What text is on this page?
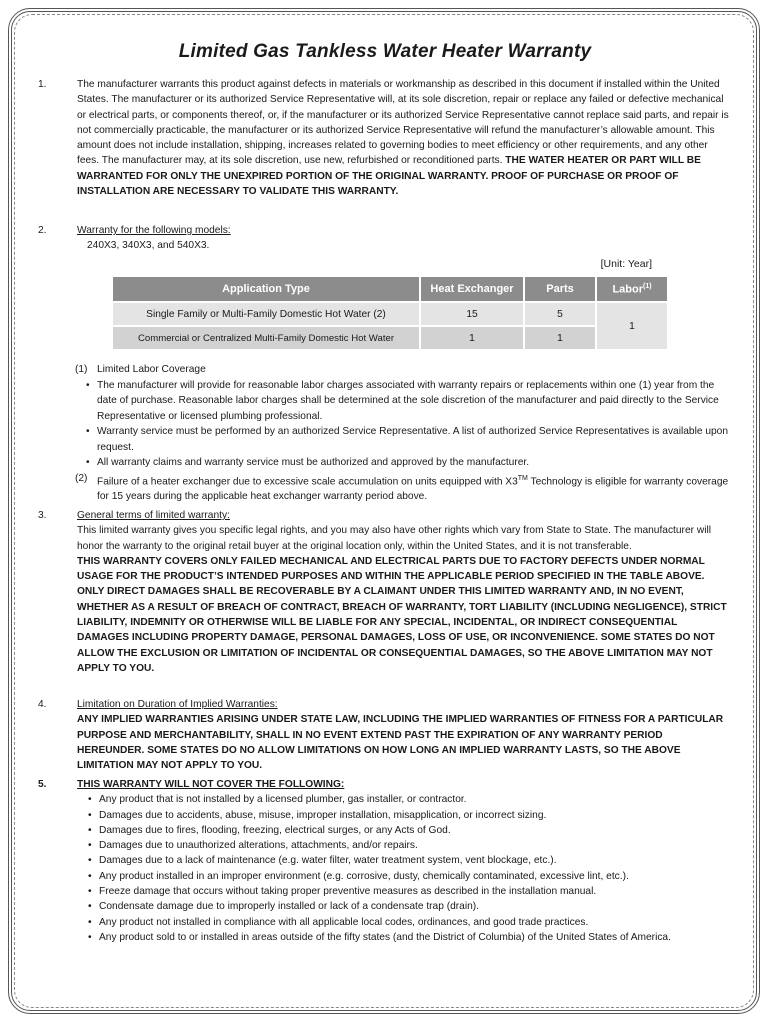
Limited Gas Tankless Water Heater Warranty
1.	The manufacturer warrants this product against defects in materials or workmanship as described in this document if installed within the United States. The manufacturer or its authorized Service Representative will, at its sole discretion, repair or replace any failed or defective mechanical or electrical parts, or components thereof, or, if the manufacturer or its authorized Service Representative cannot replace said parts, and repair is not commercially practicable, the manufacturer or its authorized Service Representative will refund the manufacturer’s allowable amount. This amount does not include installation, shipping, increases related to governing bodies to meet efficiency or other requirements, and any other fees. The manufacturer may, at its sole discretion, use new, refurbished or reconditioned parts. THE WATER HEATER OR PART WILL BE WARRANTED FOR ONLY THE UNEXPIRED PORTION OF THE ORIGINAL WARRANTY. PROOF OF PURCHASE OR PROOF OF INSTALLATION ARE NECESSARY TO VALIDATE THIS WARRANTY.
2.	Warranty for the following models:
240X3, 340X3, and 540X3.
[Unit: Year]
Application Type	Heat Exchanger	Parts	Labor$^{(1)}$
Single Family or Multi-Family Domestic Hot Water (2)	15	5	1
Commercial or Centralized Multi-Family Domestic Hot Water	1	1	
(1) Limited Labor Coverage
• The manufacturer will provide for reasonable labor charges associated with warranty repairs or replacements within one (1) year from the date of purchase. Reasonable labor charges shall be determined at the sole discretion of the manufacturer and paid directly to the Service Representative or licensed plumbing professional.
• Warranty service must be performed by an authorized Service Representative. A list of authorized Service Representatives is available upon request.
• All warranty claims and warranty service must be authorized and approved by the manufacturer.
(2) Failure of a heater exchanger due to excessive scale accumulation on units equipped with X3™ Technology is eligible for warranty coverage for 15 years during the applicable heat exchanger warranty period above.
3.	General terms of limited warranty:
This limited warranty gives you specific legal rights, and you may also have other rights which vary from State to State. The manufacturer will honor the warranty to the original retail buyer at the original location only, within the United States, and it is not transferable.
THIS WARRANTY COVERS ONLY FAILED MECHANICAL AND ELECTRICAL PARTS DUE TO FACTORY DEFECTS UNDER NORMAL USAGE FOR THE PRODUCT’S INTENDED PURPOSES AND WITHIN THE APPLICABLE PERIOD SPECIFIED IN THE TABLE ABOVE. ONLY DIRECT DAMAGES SHALL BE RECOVERABLE BY A CLAIMANT UNDER THIS LIMITED WARRANTY AND, IN NO EVENT, WHETHER AS A RESULT OF BREACH OF CONTRACT, BREACH OF WARRANTY, TORT LIABILITY (INCLUDING NEGLIGENCE), STRICT LIABILITY, INDEMNITY OR OTHERWISE WILL BE LIABLE FOR ANY SPECIAL, INCIDENTAL, OR INDIRECT CONSEQUENTIAL DAMAGES INCLUDING PROPERTY DAMAGE, PERSONAL DAMAGES, LOSS OF USE, OR INCONVENIENCE. SOME STATES DO NOT ALLOW THE EXCLUSION OR LIMITATION OF INCIDENTAL OR CONSEQUENTIAL DAMAGES, SO THE ABOVE LIMITATION MAY NOT APPLY TO YOU.
4.	Limitation on Duration of Implied Warranties:
ANY IMPLIED WARRANTIES ARISING UNDER STATE LAW, INCLUDING THE IMPLIED WARRANTIES OF FITNESS FOR A PARTICULAR PURPOSE AND MERCHANTABILITY, SHALL IN NO EVENT EXTEND PAST THE EXPIRATION OF ANY WARRANTY PERIOD HEREUNDER. SOME STATES DO NO ALLOW LIMITATIONS ON HOW LONG AN IMPLIED WARRANTY LASTS, SO THE ABOVE LIMITATION MAY NOT APPLY TO YOU.
5.	THIS WARRANTY WILL NOT COVER THE FOLLOWING:
• Any product that is not installed by a licensed plumber, gas installer, or contractor.
• Damages due to accidents, abuse, misuse, improper installation, misapplication, or incorrect sizing.
• Damages due to fires, flooding, freezing, electrical surges, or any Acts of God.
• Damages due to unauthorized alterations, attachments, and/or repairs.
• Damages due to a lack of maintenance (e.g. water filter, water treatment system, vent blockage, etc.).
• Any product installed in an improper environment (e.g. corrosive, dusty, chemically contaminated, excessive lint, etc.).
• Freeze damage that occurs without taking proper preventive measures as described in the installation manual.
• Condensate damage due to improperly installed or lack of a condensate trap (drain).
• Any product not installed in compliance with all applicable local codes, ordinances, and good trade practices.
• Any product sold to or installed in areas outside of the fifty states (and the District of Columbia) of the United States of America.
